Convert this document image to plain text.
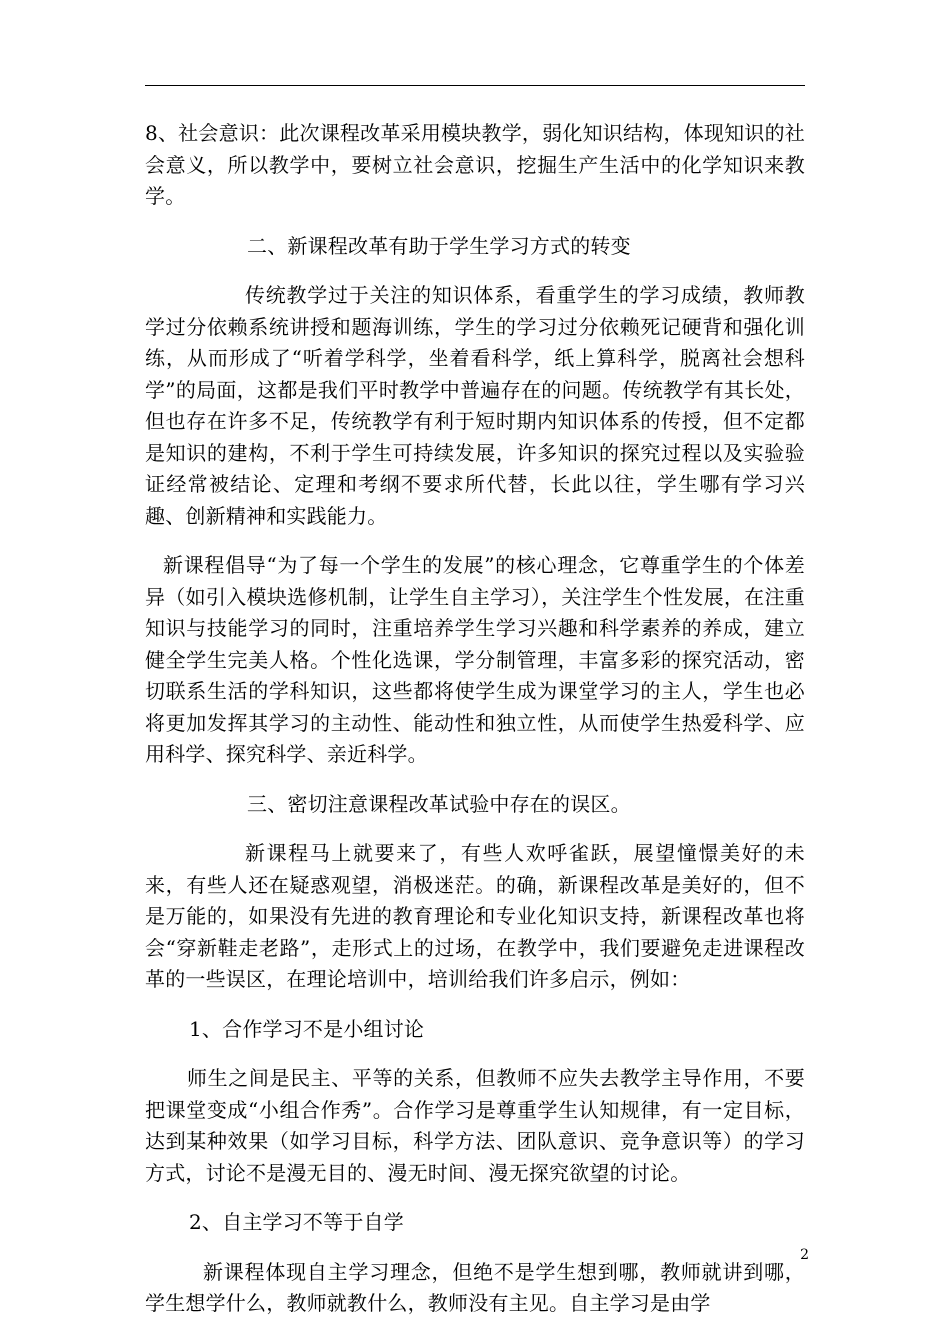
8、社会意识：此次课程改革采用模块教学，弱化知识结构，体现知识的社会意义，所以教学中，要树立社会意识，挖掘生产生活中的化学知识来教学。

二、新课程改革有助于学生学习方式的转变

传统教学过于关注的知识体系，看重学生的学习成绩，教师教学过分依赖系统讲授和题海训练，学生的学习过分依赖死记硬背和强化训练，从而形成了“听着学科学，坐着看科学，纸上算科学，脱离社会想科学”的局面，这都是我们平时教学中普遍存在的问题。传统教学有其长处，但也存在许多不足，传统教学有利于短时期内知识体系的传授，但不定都是知识的建构，不利于学生可持续发展，许多知识的探究过程以及实验验证经常被结论、定理和考纲不要求所代替，长此以往，学生哪有学习兴趣、创新精神和实践能力。

新课程倡导“为了每一个学生的发展”的核心理念，它尊重学生的个体差异（如引入模块选修机制，让学生自主学习），关注学生个性发展，在注重知识与技能学习的同时，注重培养学生学习兴趣和科学素养的养成，建立健全学生完美人格。个性化选课，学分制管理，丰富多彩的探究活动，密切联系生活的学科知识，这些都将使学生成为课堂学习的主人，学生也必将更加发挥其学习的主动性、能动性和独立性，从而使学生热爱科学、应用科学、探究科学、亲近科学。

三、密切注意课程改革试验中存在的误区。

新课程马上就要来了，有些人欢呼雀跃，展望憧憬美好的未来，有些人还在疑惑观望，消极迷茫。的确，新课程改革是美好的，但不是万能的，如果没有先进的教育理论和专业化知识支持，新课程改革也将会“穿新鞋走老路”，走形式上的过场，在教学中，我们要避免走进课程改革的一些误区，在理论培训中，培训给我们许多启示，例如：

1、合作学习不是小组讨论

师生之间是民主、平等的关系，但教师不应失去教学主导作用，不要把课堂变成“小组合作秀”。合作学习是尊重学生认知规律，有一定目标，达到某种效果（如学习目标，科学方法、团队意识、竞争意识等）的学习方式，讨论不是漫无目的、漫无时间、漫无探究欲望的讨论。

2、自主学习不等于自学

新课程体现自主学习理念，但绝不是学生想到哪，教师就讲到哪，学生想学什么，教师就教什么，教师没有主见。自主学习是由学

2
